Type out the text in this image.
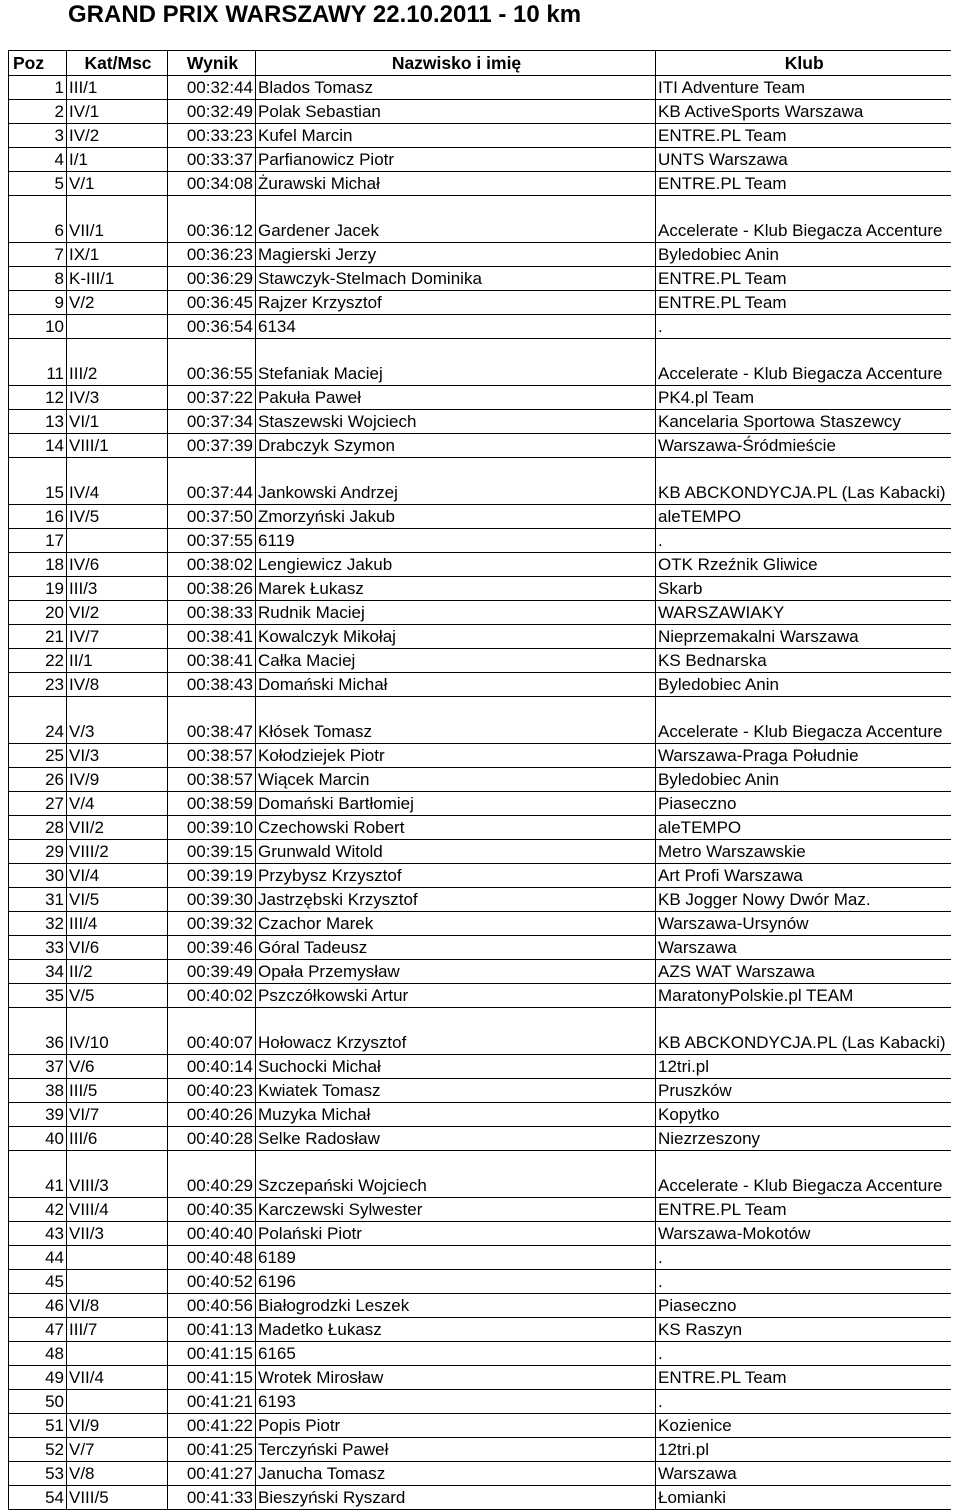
GRAND PRIX WARSZAWY 22.10.2011 - 10 km
Poz	Kat/Msc	Wynik	Nazwisko i imię	Klub
1	III/1	00:32:44	Blados Tomasz	ITI Adventure Team
2	IV/1	00:32:49	Polak Sebastian	KB ActiveSports Warszawa
3	IV/2	00:33:23	Kufel Marcin	ENTRE.PL Team
4	I/1	00:33:37	Parfianowicz Piotr	UNTS Warszawa
5	V/1	00:34:08	Żurawski Michał	ENTRE.PL Team
6	VII/1	00:36:12	Gardener Jacek	Accelerate - Klub Biegacza Accenture
7	IX/1	00:36:23	Magierski Jerzy	Byledobiec Anin
8	K-III/1	00:36:29	Stawczyk-Stelmach Dominika	ENTRE.PL Team
9	V/2	00:36:45	Rajzer Krzysztof	ENTRE.PL Team
10		00:36:54	6134	.
11	III/2	00:36:55	Stefaniak Maciej	Accelerate - Klub Biegacza Accenture
12	IV/3	00:37:22	Pakuła Paweł	PK4.pl Team
13	VI/1	00:37:34	Staszewski Wojciech	Kancelaria Sportowa Staszewcy
14	VIII/1	00:37:39	Drabczyk Szymon	Warszawa-Śródmieście
15	IV/4	00:37:44	Jankowski Andrzej	KB ABCKONDYCJA.PL (Las Kabacki)
16	IV/5	00:37:50	Zmorzyński Jakub	aleTEMPO
17		00:37:55	6119	.
18	IV/6	00:38:02	Lengiewicz Jakub	OTK Rzeźnik Gliwice
19	III/3	00:38:26	Marek Łukasz	Skarb
20	VI/2	00:38:33	Rudnik Maciej	WARSZAWIAKY
21	IV/7	00:38:41	Kowalczyk Mikołaj	Nieprzemakalni Warszawa
22	II/1	00:38:41	Całka Maciej	KS Bednarska
23	IV/8	00:38:43	Domański Michał	Byledobiec Anin
24	V/3	00:38:47	Kłósek Tomasz	Accelerate - Klub Biegacza Accenture
25	VI/3	00:38:57	Kołodziejek Piotr	Warszawa-Praga Południe
26	IV/9	00:38:57	Wiącek Marcin	Byledobiec Anin
27	V/4	00:38:59	Domański Bartłomiej	Piaseczno
28	VII/2	00:39:10	Czechowski Robert	aleTEMPO
29	VIII/2	00:39:15	Grunwald Witold	Metro Warszawskie
30	VI/4	00:39:19	Przybysz Krzysztof	Art Profi Warszawa
31	VI/5	00:39:30	Jastrzębski Krzysztof	KB Jogger Nowy Dwór Maz.
32	III/4	00:39:32	Czachor Marek	Warszawa-Ursynów
33	VI/6	00:39:46	Góral Tadeusz	Warszawa
34	II/2	00:39:49	Opała Przemysław	AZS WAT Warszawa
35	V/5	00:40:02	Pszczółkowski Artur	MaratonyPolskie.pl TEAM
36	IV/10	00:40:07	Hołowacz Krzysztof	KB ABCKONDYCJA.PL (Las Kabacki)
37	V/6	00:40:14	Suchocki Michał	12tri.pl
38	III/5	00:40:23	Kwiatek Tomasz	Pruszków
39	VI/7	00:40:26	Muzyka Michał	Kopytko
40	III/6	00:40:28	Selke Radosław	Niezrzeszony
41	VIII/3	00:40:29	Szczepański Wojciech	Accelerate - Klub Biegacza Accenture
42	VIII/4	00:40:35	Karczewski Sylwester	ENTRE.PL Team
43	VII/3	00:40:40	Polański Piotr	Warszawa-Mokotów
44		00:40:48	6189	.
45		00:40:52	6196	.
46	VI/8	00:40:56	Białogrodzki Leszek	Piaseczno
47	III/7	00:41:13	Madetko Łukasz	KS Raszyn
48		00:41:15	6165	.
49	VII/4	00:41:15	Wrotek Mirosław	ENTRE.PL Team
50		00:41:21	6193	.
51	VI/9	00:41:22	Popis Piotr	Kozienice
52	V/7	00:41:25	Terczyński Paweł	12tri.pl
53	V/8	00:41:27	Janucha Tomasz	Warszawa
54	VIII/5	00:41:33	Bieszyński Ryszard	Łomianki
